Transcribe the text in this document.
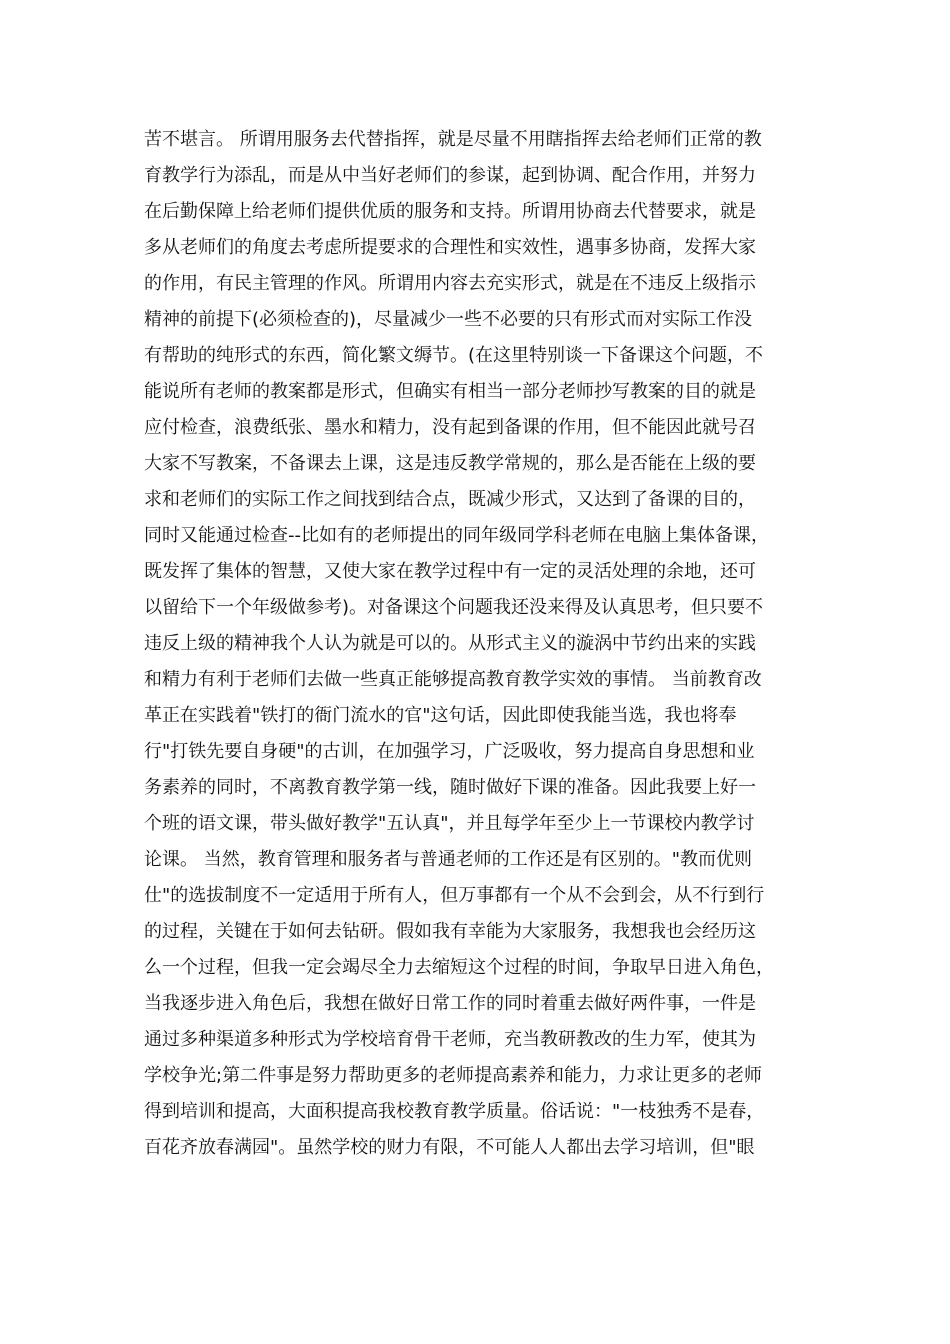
苦不堪言。 所谓用服务去代替指挥，就是尽量不用瞎指挥去给老师们正常的教
育教学行为添乱，而是从中当好老师们的参谋，起到协调、配合作用，并努力
在后勤保障上给老师们提供优质的服务和支持。所谓用协商去代替要求，就是
多从老师们的角度去考虑所提要求的合理性和实效性，遇事多协商，发挥大家
的作用，有民主管理的作风。所谓用内容去充实形式，就是在不违反上级指示
精神的前提下(必须检查的)，尽量减少一些不必要的只有形式而对实际工作没
有帮助的纯形式的东西，简化繁文缛节。(在这里特别谈一下备课这个问题，不
能说所有老师的教案都是形式，但确实有相当一部分老师抄写教案的目的就是
应付检查，浪费纸张、墨水和精力，没有起到备课的作用，但不能因此就号召
大家不写教案，不备课去上课，这是违反教学常规的，那么是否能在上级的要
求和老师们的实际工作之间找到结合点，既减少形式，又达到了备课的目的，
同时又能通过检查--比如有的老师提出的同年级同学科老师在电脑上集体备课，
既发挥了集体的智慧，又使大家在教学过程中有一定的灵活处理的余地，还可
以留给下一个年级做参考)。对备课这个问题我还没来得及认真思考，但只要不
违反上级的精神我个人认为就是可以的。从形式主义的漩涡中节约出来的实践
和精力有利于老师们去做一些真正能够提高教育教学实效的事情。 当前教育改
革正在实践着"铁打的衙门流水的官"这句话，因此即使我能当选，我也将奉
行"打铁先要自身硬"的古训，在加强学习，广泛吸收，努力提高自身思想和业
务素养的同时，不离教育教学第一线，随时做好下课的准备。因此我要上好一
个班的语文课，带头做好教学"五认真"，并且每学年至少上一节课校内教学讨
论课。 当然，教育管理和服务者与普通老师的工作还是有区别的。"教而优则
仕"的选拔制度不一定适用于所有人，但万事都有一个从不会到会，从不行到行
的过程，关键在于如何去钻研。假如我有幸能为大家服务，我想我也会经历这
么一个过程，但我一定会竭尽全力去缩短这个过程的时间，争取早日进入角色，
当我逐步进入角色后，我想在做好日常工作的同时着重去做好两件事，一件是
通过多种渠道多种形式为学校培育骨干老师，充当教研教改的生力军，使其为
学校争光;第二件事是努力帮助更多的老师提高素养和能力，力求让更多的老师
得到培训和提高，大面积提高我校教育教学质量。俗话说："一枝独秀不是春，
百花齐放春满园"。虽然学校的财力有限，不可能人人都出去学习培训，但"眼
